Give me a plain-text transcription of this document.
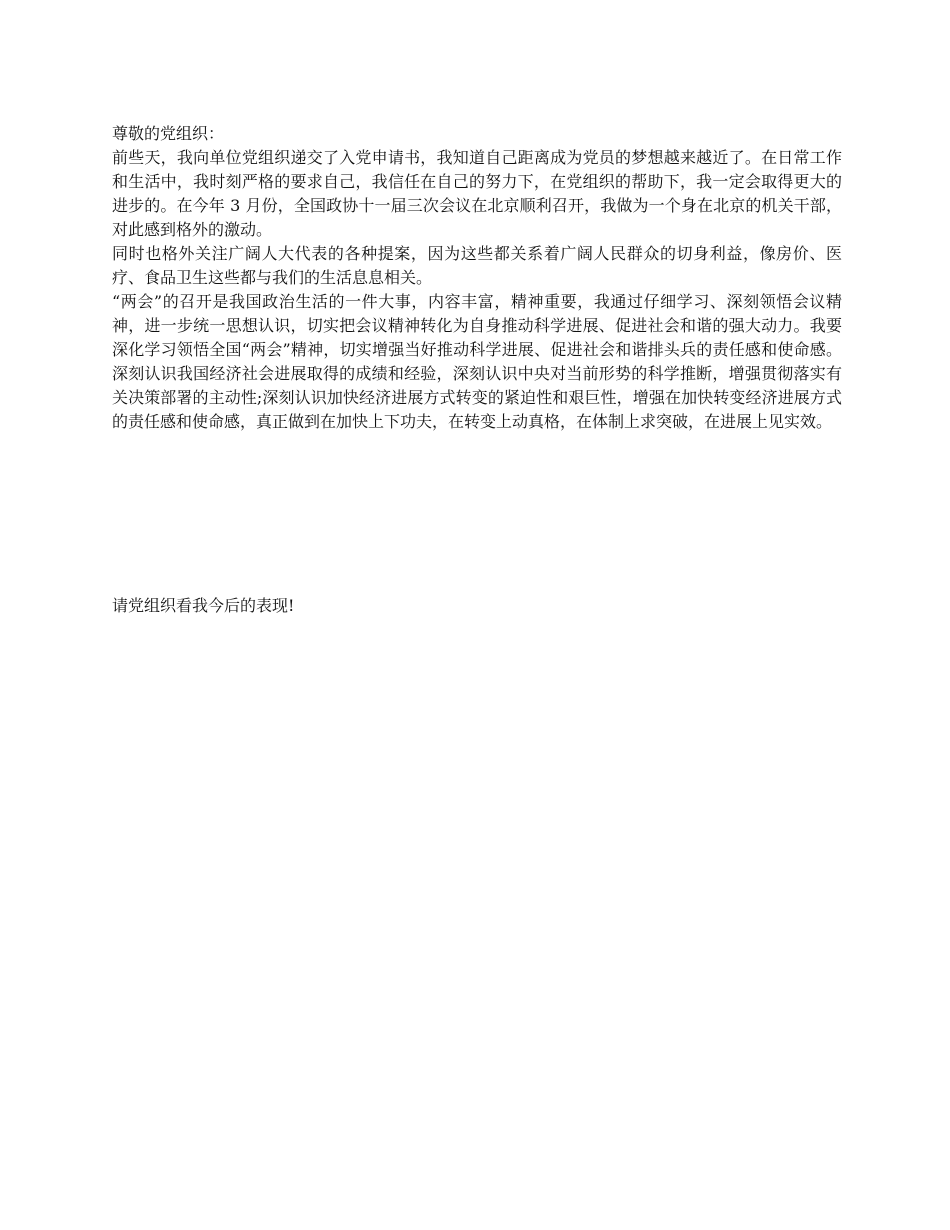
尊敬的党组织：

前些天，我向单位党组织递交了入党申请书，我知道自己距离成为党员的梦想越来越近了。在日常工作和生活中，我时刻严格的要求自己，我信任在自己的努力下，在党组织的帮助下，我一定会取得更大的进步的。在今年 3 月份，全国政协十一届三次会议在北京顺利召开，我做为一个身在北京的机关干部，对此感到格外的激动。

同时也格外关注广阔人大代表的各种提案，因为这些都关系着广阔人民群众的切身利益，像房价、医疗、食品卫生这些都与我们的生活息息相关。

“两会”的召开是我国政治生活的一件大事，内容丰富，精神重要，我通过仔细学习、深刻领悟会议精神，进一步统一思想认识，切实把会议精神转化为自身推动科学进展、促进社会和谐的强大动力。我要深化学习领悟全国“两会”精神，切实增强当好推动科学进展、促进社会和谐排头兵的责任感和使命感。深刻认识我国经济社会进展取得的成绩和经验，深刻认识中央对当前形势的科学推断，增强贯彻落实有关决策部署的主动性;深刻认识加快经济进展方式转变的紧迫性和艰巨性，增强在加快转变经济进展方式的责任感和使命感，真正做到在加快上下功夫，在转变上动真格，在体制上求突破，在进展上见实效。

请党组织看我今后的表现!
